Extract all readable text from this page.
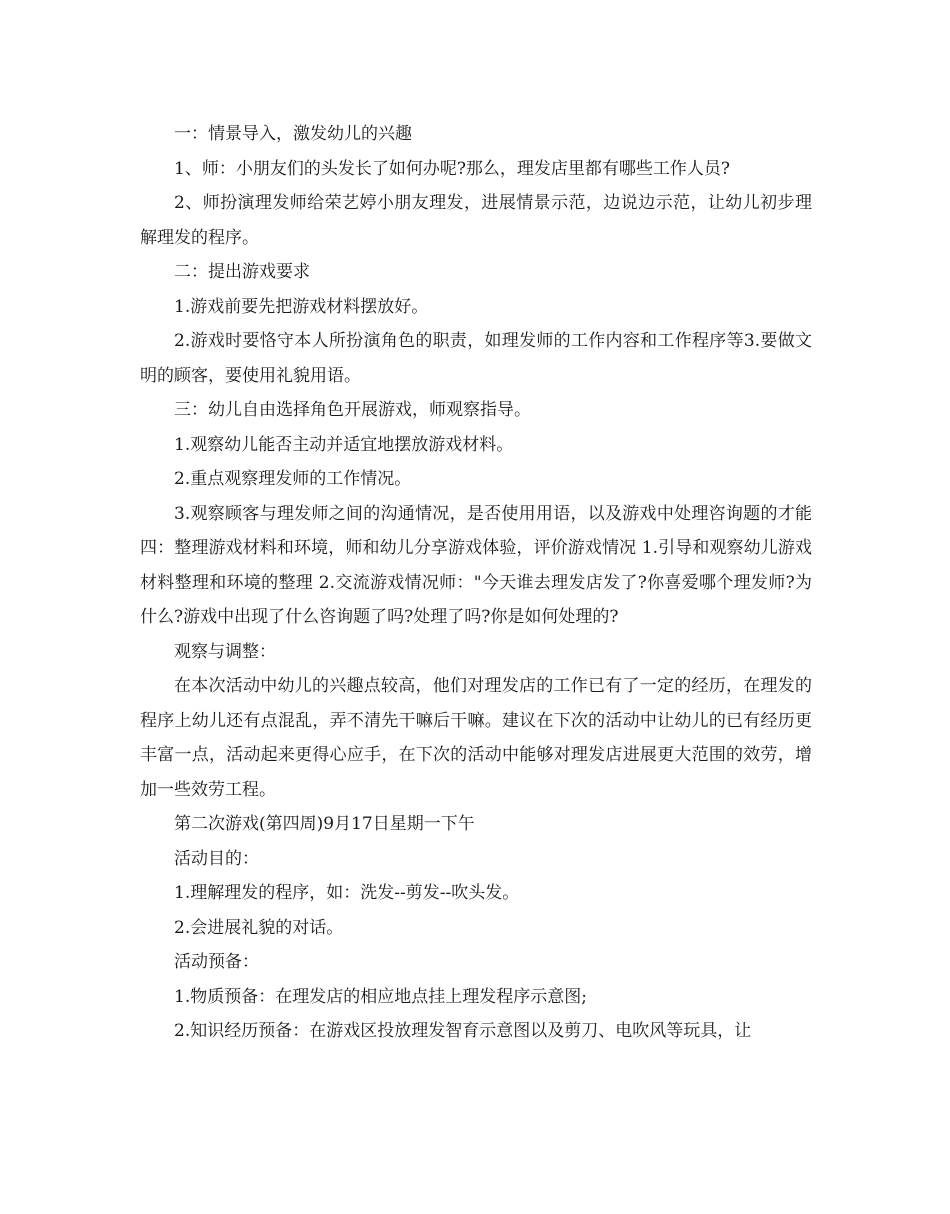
一：情景导入，激发幼儿的兴趣

1、师：小朋友们的头发长了如何办呢?那么，理发店里都有哪些工作人员?

2、师扮演理发师给荣艺婷小朋友理发，进展情景示范，边说边示范，让幼儿初步理解理发的程序。

二：提出游戏要求

1.游戏前要先把游戏材料摆放好。

2.游戏时要恪守本人所扮演角色的职责，如理发师的工作内容和工作程序等3.要做文明的顾客，要使用礼貌用语。

三：幼儿自由选择角色开展游戏，师观察指导。

1.观察幼儿能否主动并适宜地摆放游戏材料。

2.重点观察理发师的工作情况。

3.观察顾客与理发师之间的沟通情况，是否使用用语，以及游戏中处理咨询题的才能四：整理游戏材料和环境，师和幼儿分享游戏体验，评价游戏情况 1.引导和观察幼儿游戏材料整理和环境的整理 2.交流游戏情况师："今天谁去理发店发了?你喜爱哪个理发师?为什么?游戏中出现了什么咨询题了吗?处理了吗?你是如何处理的?

观察与调整：

在本次活动中幼儿的兴趣点较高，他们对理发店的工作已有了一定的经历，在理发的程序上幼儿还有点混乱，弄不清先干嘛后干嘛。建议在下次的活动中让幼儿的已有经历更丰富一点，活动起来更得心应手，在下次的活动中能够对理发店进展更大范围的效劳，增加一些效劳工程。

第二次游戏(第四周)9月17日星期一下午

活动目的：

1.理解理发的程序，如：洗发--剪发--吹头发。

2.会进展礼貌的对话。

活动预备：

1.物质预备：在理发店的相应地点挂上理发程序示意图;

2.知识经历预备：在游戏区投放理发智育示意图以及剪刀、电吹风等玩具，让
